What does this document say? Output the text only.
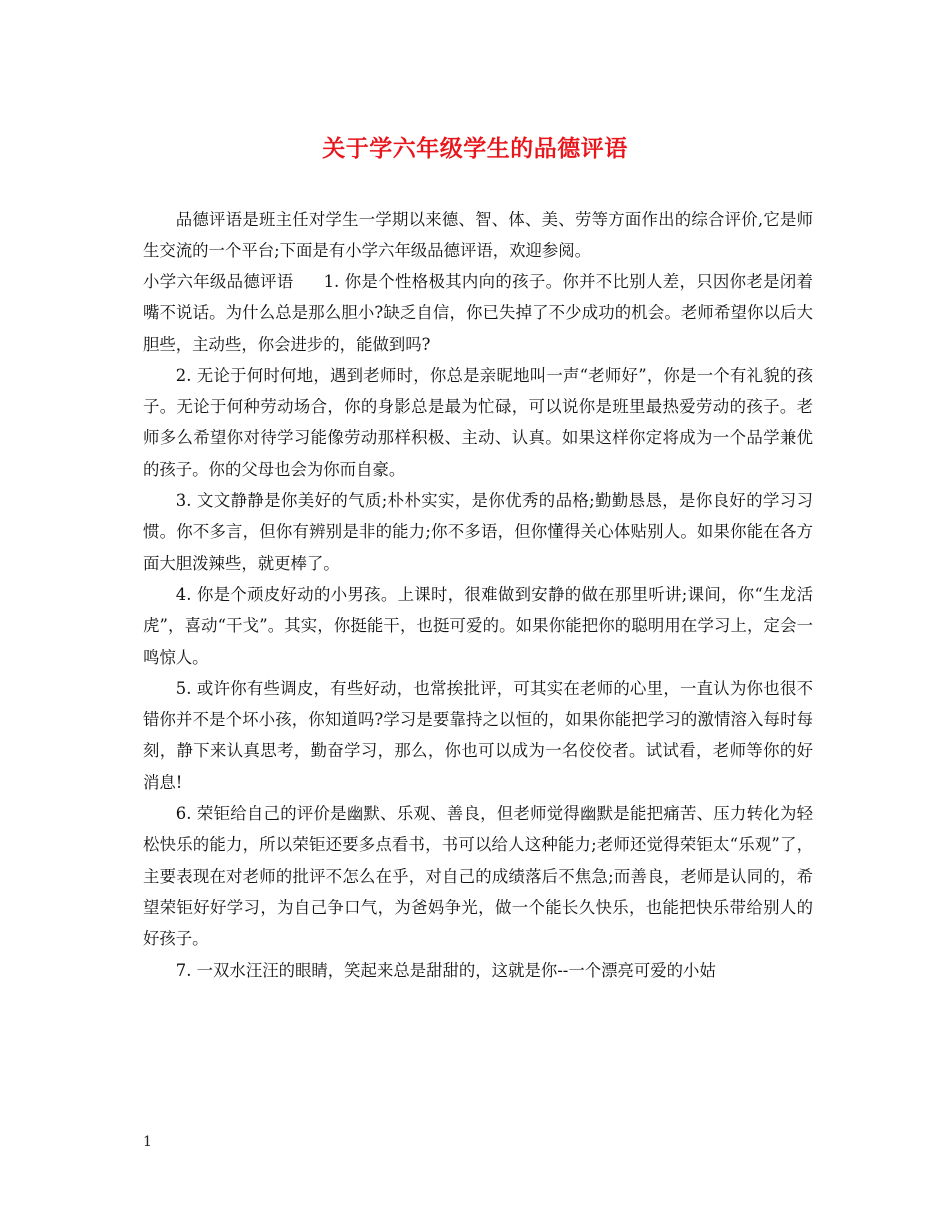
关于学六年级学生的品德评语

品德评语是班主任对学生一学期以来德、智、体、美、劳等方面作出的综合评价,它是师生交流的一个平台;下面是有小学六年级品德评语，欢迎参阅。

小学六年级品德评语 1. 你是个性格极其内向的孩子。你并不比别人差，只因你老是闭着嘴不说话。为什么总是那么胆小?缺乏自信，你已失掉了不少成功的机会。老师希望你以后大胆些，主动些，你会进步的，能做到吗?

2. 无论于何时何地，遇到老师时，你总是亲昵地叫一声“老师好”，你是一个有礼貌的孩子。无论于何种劳动场合，你的身影总是最为忙碌，可以说你是班里最热爱劳动的孩子。老师多么希望你对待学习能像劳动那样积极、主动、认真。如果这样你定将成为一个品学兼优的孩子。你的父母也会为你而自豪。

3. 文文静静是你美好的气质;朴朴实实，是你优秀的品格;勤勤恳恳，是你良好的学习习惯。你不多言，但你有辨别是非的能力;你不多语，但你懂得关心体贴别人。如果你能在各方面大胆泼辣些，就更棒了。

4. 你是个顽皮好动的小男孩。上课时，很难做到安静的做在那里听讲;课间，你“生龙活虎”，喜动“干戈”。其实，你挺能干，也挺可爱的。如果你能把你的聪明用在学习上，定会一鸣惊人。

5. 或许你有些调皮，有些好动，也常挨批评，可其实在老师的心里，一直认为你也很不错你并不是个坏小孩，你知道吗?学习是要靠持之以恒的，如果你能把学习的激情溶入每时每刻，静下来认真思考，勤奋学习，那么，你也可以成为一名佼佼者。试试看，老师等你的好消息!

6. 荣钜给自己的评价是幽默、乐观、善良，但老师觉得幽默是能把痛苦、压力转化为轻松快乐的能力，所以荣钜还要多点看书，书可以给人这种能力;老师还觉得荣钜太“乐观”了，主要表现在对老师的批评不怎么在乎，对自己的成绩落后不焦急;而善良，老师是认同的，希望荣钜好好学习，为自己争口气，为爸妈争光，做一个能长久快乐，也能把快乐带给别人的好孩子。

7. 一双水汪汪的眼睛，笑起来总是甜甜的，这就是你--一个漂亮可爱的小姑

1
